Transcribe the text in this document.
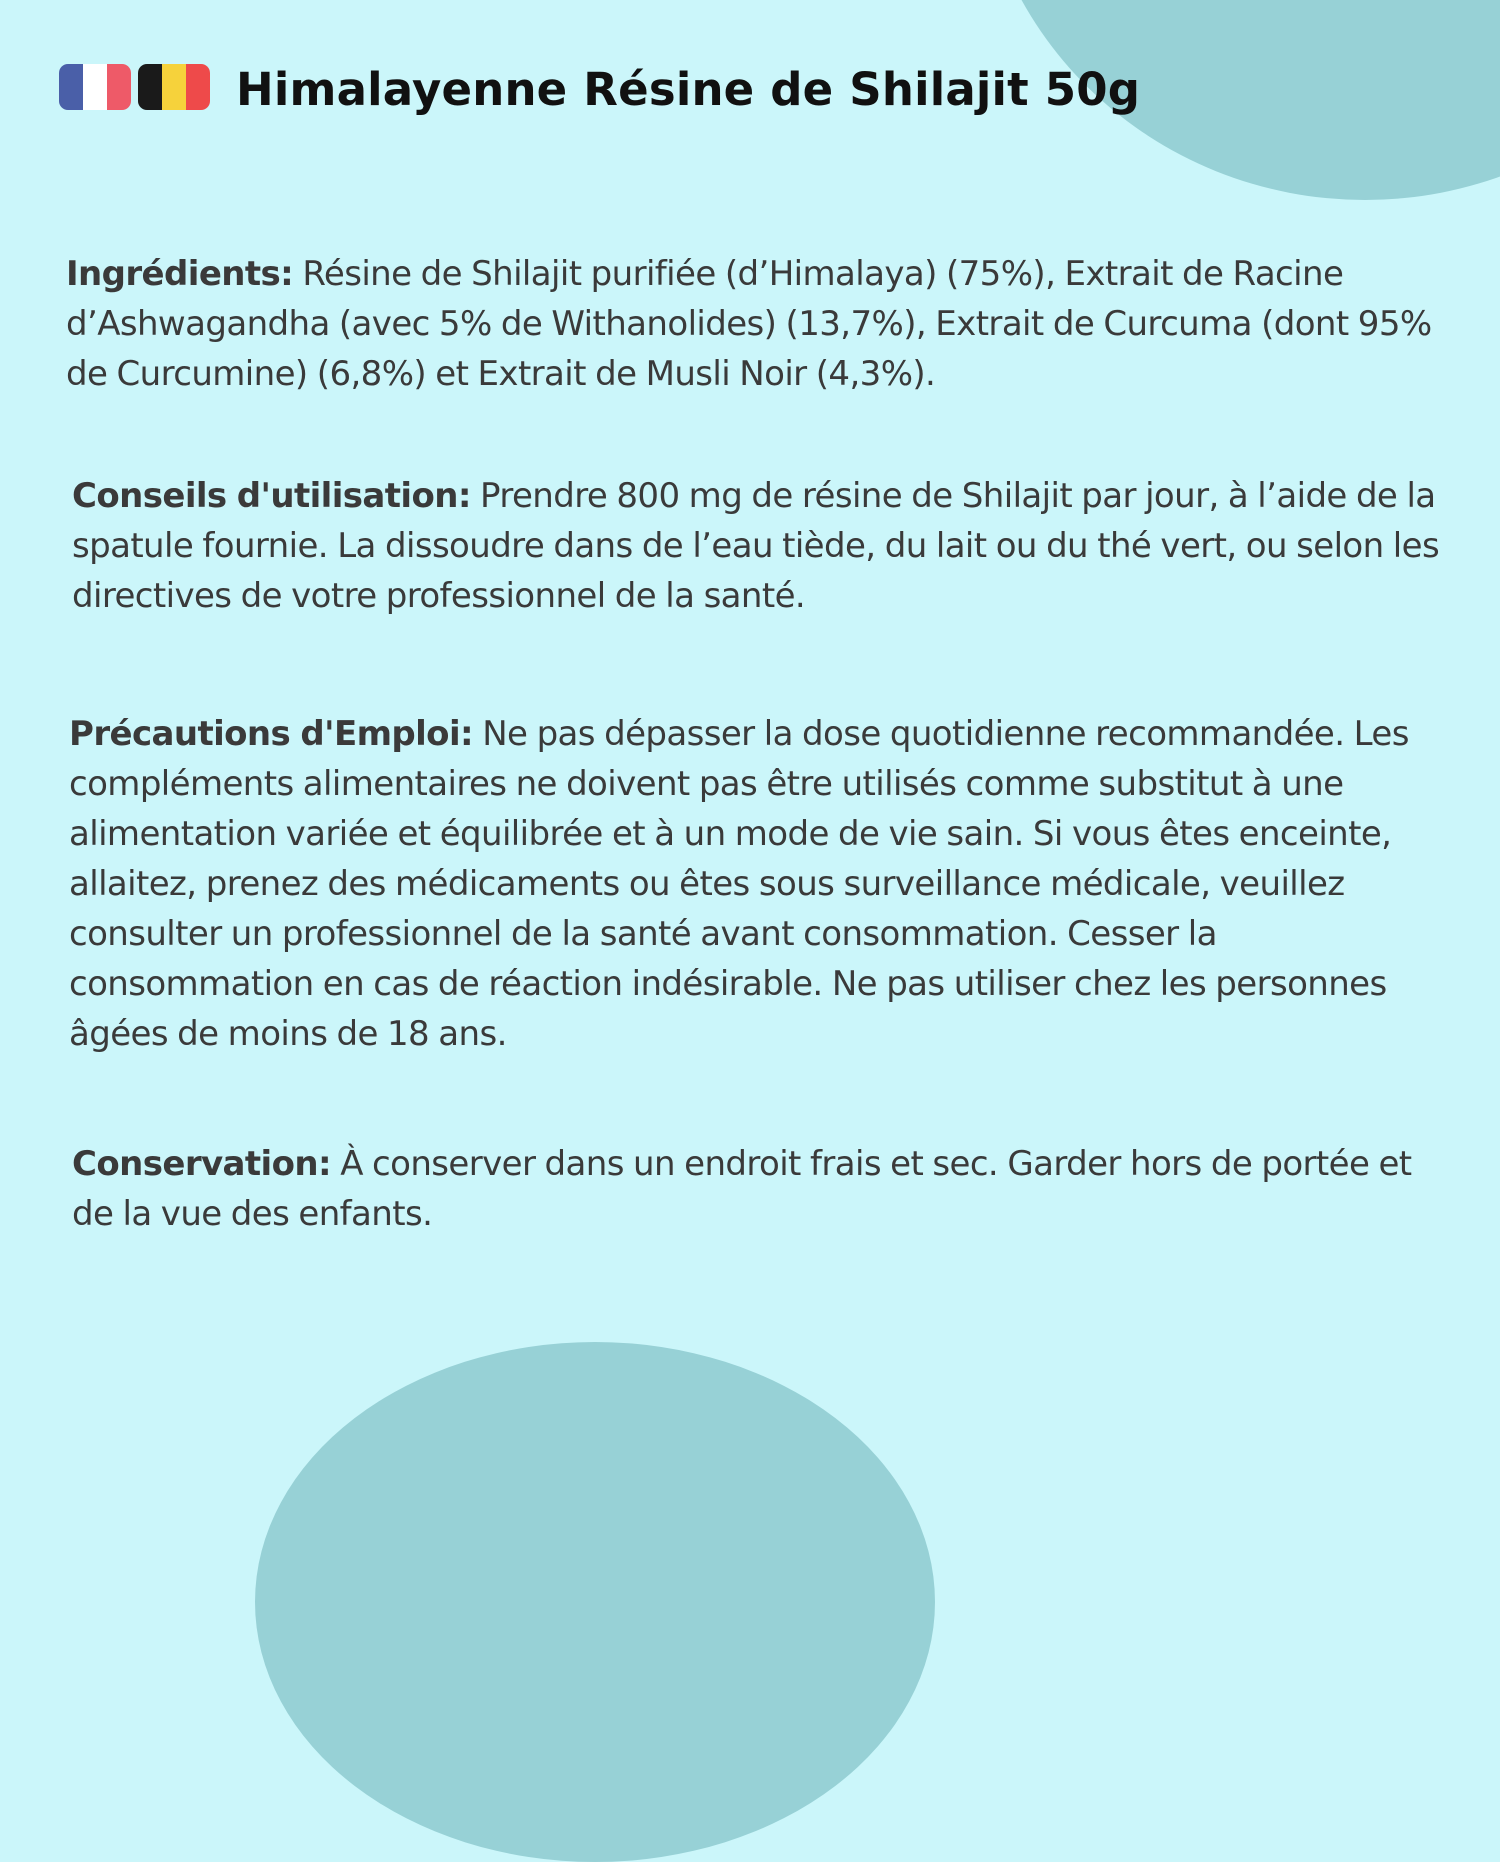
Himalayenne Résine de Shilajit 50g

Ingrédients: Résine de Shilajit purifiée (d’Himalaya) (75%), Extrait de Racine d’Ashwagandha (avec 5% de Withanolides) (13,7%), Extrait de Curcuma (dont 95% de Curcumine) (6,8%) et Extrait de Musli Noir (4,3%).

Conseils d'utilisation: Prendre 800 mg de résine de Shilajit par jour, à l’aide de la spatule fournie. La dissoudre dans de l’eau tiède, du lait ou du thé vert, ou selon les directives de votre professionnel de la santé.

Précautions d'Emploi: Ne pas dépasser la dose quotidienne recommandée. Les compléments alimentaires ne doivent pas être utilisés comme substitut à une alimentation variée et équilibrée et à un mode de vie sain. Si vous êtes enceinte, allaitez, prenez des médicaments ou êtes sous surveillance médicale, veuillez consulter un professionnel de la santé avant consommation. Cesser la consommation en cas de réaction indésirable. Ne pas utiliser chez les personnes âgées de moins de 18 ans.

Conservation: À conserver dans un endroit frais et sec. Garder hors de portée et de la vue des enfants.
